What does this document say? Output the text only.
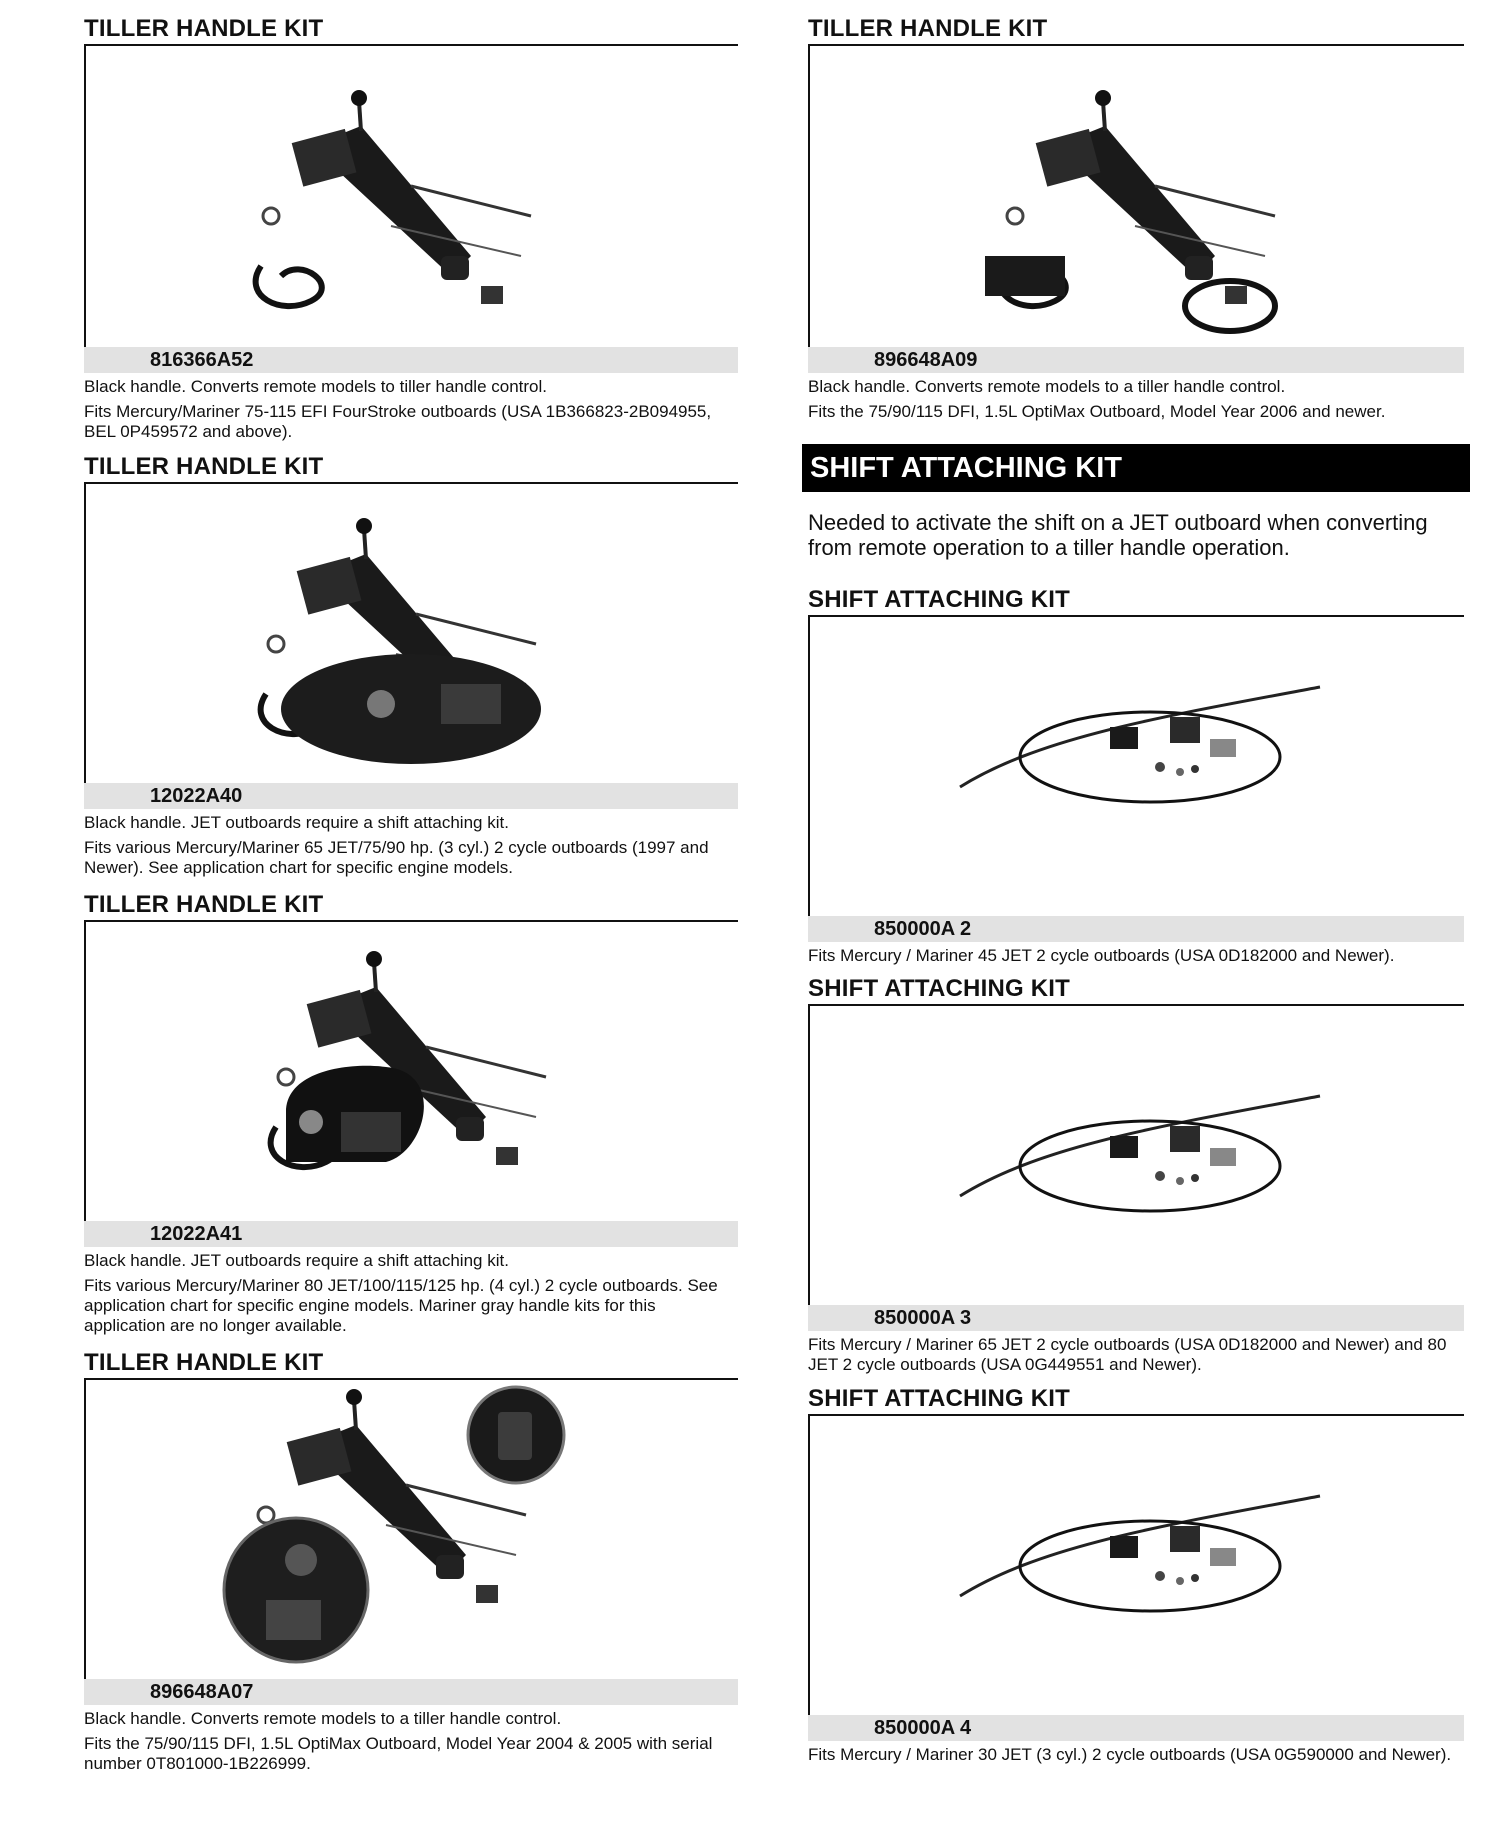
TILLER HANDLE KIT
816366A52

Black handle. Converts remote models to tiller handle control.

Fits Mercury/Mariner 75-115 EFI FourStroke outboards (USA 1B366823-2B094955, BEL 0P459572 and above).

TILLER HANDLE KIT
12022A40

Black handle. JET outboards require a shift attaching kit.

Fits various Mercury/Mariner 65 JET/75/90 hp. (3 cyl.) 2 cycle outboards (1997 and Newer). See application chart for specific engine models.

TILLER HANDLE KIT
12022A41

Black handle. JET outboards require a shift attaching kit.

Fits various Mercury/Mariner 80 JET/100/115/125 hp. (4 cyl.) 2 cycle outboards. See application chart for specific engine models. Mariner gray handle kits for this application are no longer available.

TILLER HANDLE KIT
896648A07

Black handle. Converts remote models to a tiller handle control.

Fits the 75/90/115 DFI, 1.5L OptiMax Outboard, Model Year 2004 & 2005 with serial number 0T801000-1B226999.

TILLER HANDLE KIT
896648A09

Black handle. Converts remote models to a tiller handle control.

Fits the 75/90/115 DFI, 1.5L OptiMax Outboard, Model Year 2006 and newer.

SHIFT ATTACHING KIT

Needed to activate the shift on a JET outboard when converting from remote operation to a tiller handle operation.

SHIFT ATTACHING KIT
850000A 2

Fits Mercury / Mariner 45 JET 2 cycle outboards (USA 0D182000 and Newer).

SHIFT ATTACHING KIT
850000A 3

Fits Mercury / Mariner 65 JET 2 cycle outboards (USA 0D182000 and Newer) and 80 JET 2 cycle outboards (USA 0G449551 and Newer).

SHIFT ATTACHING KIT
850000A 4

Fits Mercury / Mariner 30 JET (3 cyl.) 2 cycle outboards (USA 0G590000 and Newer).
